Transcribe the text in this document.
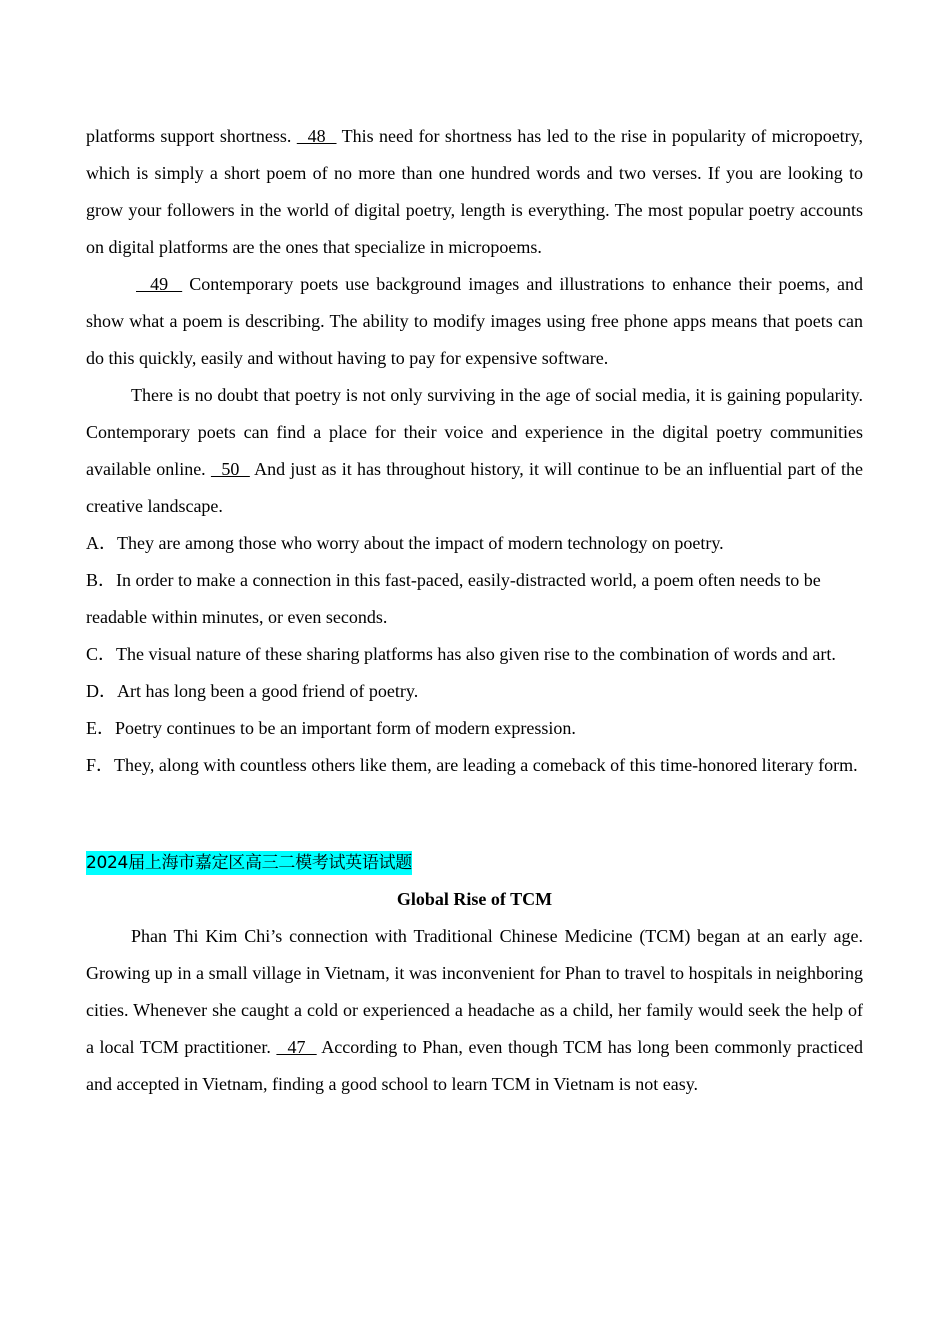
platforms support shortness.   48   This need for shortness has led to the rise in popularity of micropoetry, which is simply a short poem of no more than one hundred words and two verses. If you are looking to grow your followers in the world of digital poetry, length is everything. The most popular poetry accounts on digital platforms are the ones that specialize in micropoems.

49   Contemporary poets use background images and illustrations to enhance their poems, and show what a poem is describing. The ability to modify images using free phone apps means that poets can do this quickly, easily and without having to pay for expensive software.

There is no doubt that poetry is not only surviving in the age of social media, it is gaining popularity. Contemporary poets can find a place for their voice and experience in the digital poetry communities available online.   50   And just as it has throughout history, it will continue to be an influential part of the creative landscape.

A．They are among those who worry about the impact of modern technology on poetry.

B．In order to make a connection in this fast-paced, easily-distracted world, a poem often needs to be readable within minutes, or even seconds.

C．The visual nature of these sharing platforms has also given rise to the combination of words and art.

D．Art has long been a good friend of poetry.

E．Poetry continues to be an important form of modern expression.

F．They, along with countless others like them, are leading a comeback of this time-honored literary form.

2024届上海市嘉定区高三二模考试英语试题

Global Rise of TCM

Phan Thi Kim Chi’s connection with Traditional Chinese Medicine (TCM) began at an early age. Growing up in a small village in Vietnam, it was inconvenient for Phan to travel to hospitals in neighboring cities. Whenever she caught a cold or experienced a headache as a child, her family would seek the help of a local TCM practitioner.   47   According to Phan, even though TCM has long been commonly practiced and accepted in Vietnam, finding a good school to learn TCM in Vietnam is not easy.
